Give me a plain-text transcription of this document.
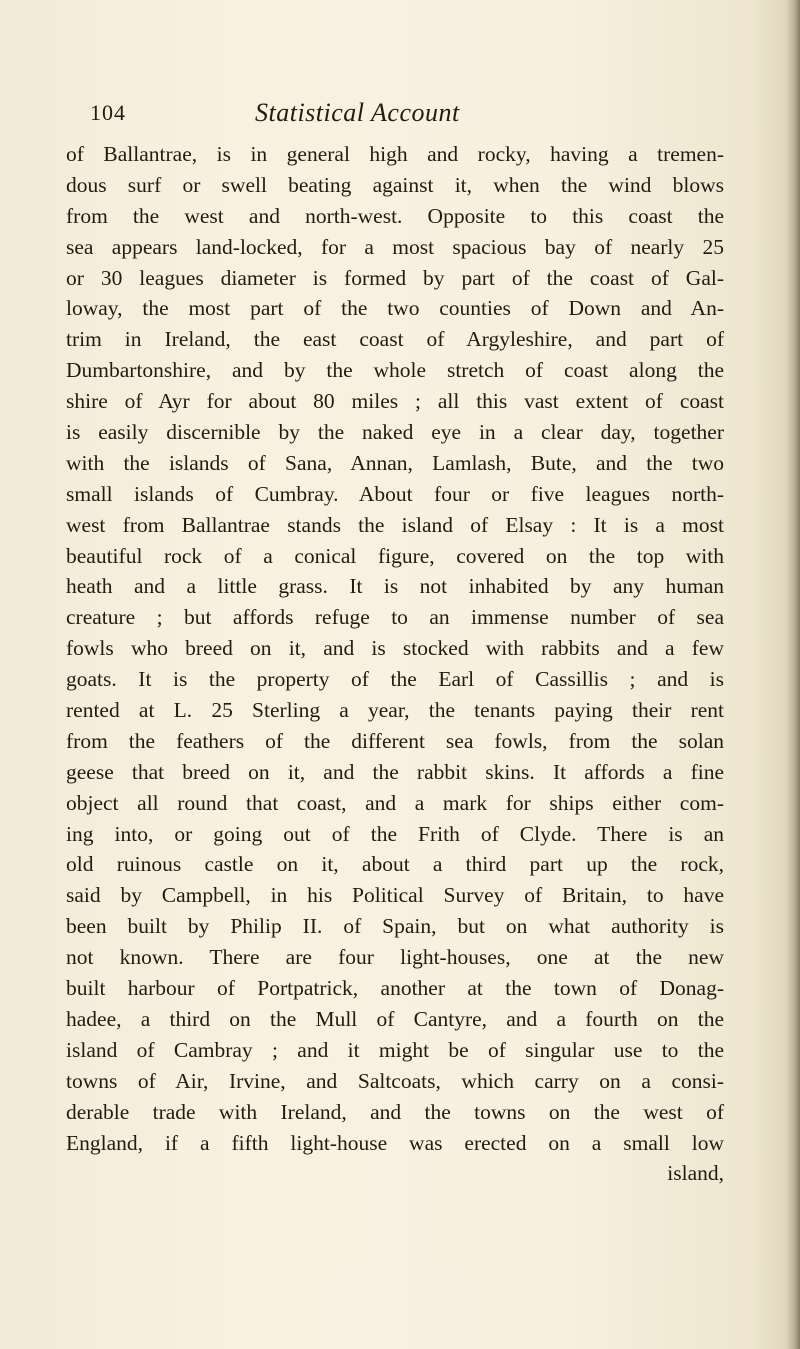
104	Statistical Account
of Ballantrae, is in general high and rocky, having a tremen-
dous surf or swell beating against it, when the wind blows
from the west and north-west. Opposite to this coast the
sea appears land-locked, for a most spacious bay of nearly 25
or 30 leagues diameter is formed by part of the coast of Gal-
loway, the most part of the two counties of Down and An-
trim in Ireland, the east coast of Argyleshire, and part of
Dumbartonshire, and by the whole stretch of coast along the
shire of Ayr for about 80 miles ; all this vast extent of coast
is easily discernible by the naked eye in a clear day, together
with the islands of Sana, Annan, Lamlash, Bute, and the two
small islands of Cumbray. About four or five leagues north-
west from Ballantrae stands the island of Elsay : It is a most
beautiful rock of a conical figure, covered on the top with
heath and a little grass. It is not inhabited by any human
creature ; but affords refuge to an immense number of sea
fowls who breed on it, and is stocked with rabbits and a few
goats. It is the property of the Earl of Cassillis ; and is
rented at L. 25 Sterling a year, the tenants paying their rent
from the feathers of the different sea fowls, from the solan
geese that breed on it, and the rabbit skins. It affords a fine
object all round that coast, and a mark for ships either com-
ing into, or going out of the Frith of Clyde. There is an
old ruinous castle on it, about a third part up the rock,
said by Campbell, in his Political Survey of Britain, to have
been built by Philip II. of Spain, but on what authority is
not known. There are four light-houses, one at the new
built harbour of Portpatrick, another at the town of Donag-
hadee, a third on the Mull of Cantyre, and a fourth on the
island of Cambray ; and it might be of singular use to the
towns of Air, Irvine, and Saltcoats, which carry on a consi-
derable trade with Ireland, and the towns on the west of
England, if a fifth light-house was erected on a small low
island,
